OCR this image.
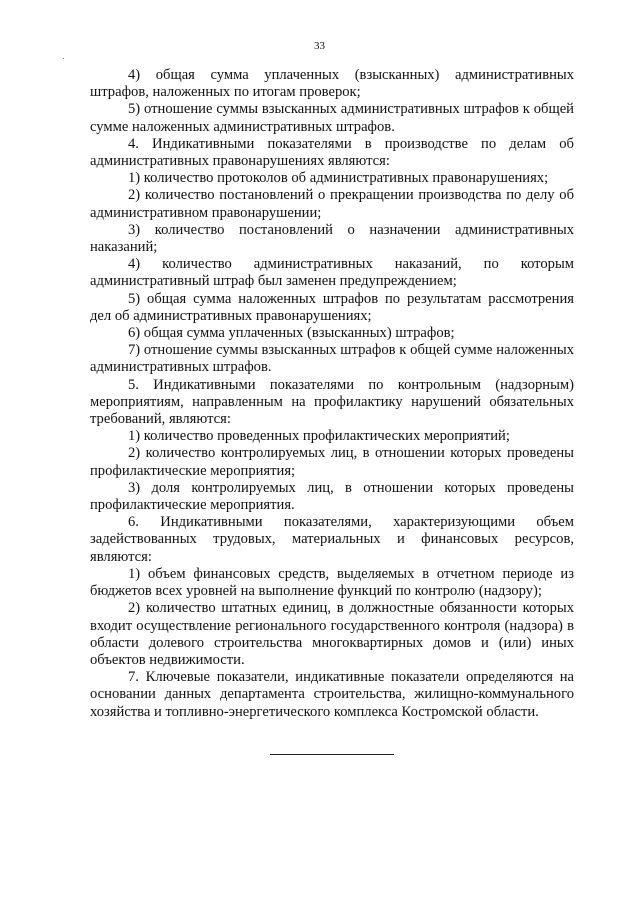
33

4) общая сумма уплаченных (взысканных) административных штрафов, наложенных по итогам проверок;

5) отношение суммы взысканных административных штрафов к общей сумме наложенных административных штрафов.

4. Индикативными показателями в производстве по делам об административных правонарушениях являются:

1) количество протоколов об административных правонарушениях;

2) количество постановлений о прекращении производства по делу об административном правонарушении;

3) количество постановлений о назначении административных наказаний;

4) количество административных наказаний, по которым административный штраф был заменен предупреждением;

5) общая сумма наложенных штрафов по результатам рассмотрения дел об административных правонарушениях;

6) общая сумма уплаченных (взысканных) штрафов;

7) отношение суммы взысканных штрафов к общей сумме наложенных административных штрафов.

5. Индикативными показателями по контрольным (надзорным) мероприятиям, направленным на профилактику нарушений обязательных требований, являются:

1) количество проведенных профилактических мероприятий;

2) количество контролируемых лиц, в отношении которых проведены профилактические мероприятия;

3) доля контролируемых лиц, в отношении которых проведены профилактические мероприятия.

6. Индикативными показателями, характеризующими объем задействованных трудовых, материальных и финансовых ресурсов, являются:

1) объем финансовых средств, выделяемых в отчетном периоде из бюджетов всех уровней на выполнение функций по контролю (надзору);

2) количество штатных единиц, в должностные обязанности которых входит осуществление регионального государственного контроля (надзора) в области долевого строительства многоквартирных домов и (или) иных объектов недвижимости.

7. Ключевые показатели, индикативные показатели определяются на основании данных департамента строительства, жилищно-коммунального хозяйства и топливно-энергетического комплекса Костромской области.
